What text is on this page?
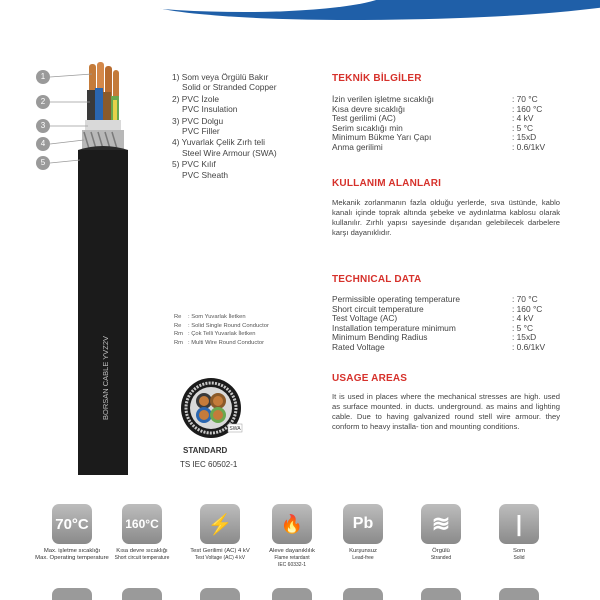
BORSAN CABLE YVZ2V
1
2
3
4
5
1) Som veya Örgülü Bakır
Solid or Stranded Copper
2) PVC İzole
PVC Insulation
3) PVC Dolgu
PVC Filler
4) Yuvarlak Çelik Zırh teli
Steel Wire Armour (SWA)
5) PVC Kılıf
PVC Sheath
Re	: Som Yuvarlak İletken
Re	: Solid Single Round Conductor
Rm : Çok Telli Yuvarlak İletken
Rm : Multi Wire Round Conductor
SWA
STANDARD
TS IEC 60502-1
TEKNİK BİLGİLER
İzin verilen işletme sıcaklığı	: 70 °C
Kısa devre sıcaklığı	: 160 °C
Test gerilimi (AC)	: 4 kV
Serim sıcaklığı min	: 5 °C
Minimum Bükme Yarı Çapı	: 15xD
Anma gerilimi	: 0.6/1kV
KULLANIM ALANLARI
Mekanik zorlanmanın fazla olduğu yerlerde, sıva üstünde, kablo kanalı içinde toprak altında şebeke ve aydınlatma kablosu olarak kullanılır. Zırhlı yapısı sayesinde dışarıdan gelebilecek darbelere karşı dayanıklıdır.
TECHNICAL DATA
Permissible operating temperature	: 70 °C
Short circuit temperature	: 160 °C
Test Voltage (AC)	: 4 kV
Installation temperature minimum	: 5 °C
Minimum Bending Radius	: 15xD
Rated Voltage	: 0.6/1kV
USAGE AREAS
It is used in places where the mechanical stresses are high. used as surface mounted. in ducts. underground. as mains and lighting cable. Due to having galvanized round stell wire armour. they conform to heavy installa- tion and mounting conditions.
70°C
Max. işletme sıcaklığı
Max. Operating temperature
160°C
Kısa devre sıcaklığı
Short circuit temperature
⚡
Test Gerilimi (AC) 4 kV
Test Voltage (AC) 4 kV
🔥
Aleve dayanıklılık
Flame retardant
IEC 60332-1
Pb
Kurşunsuz
Lead-free
≋
Örgülü
Stranded
|
Som
Solid
